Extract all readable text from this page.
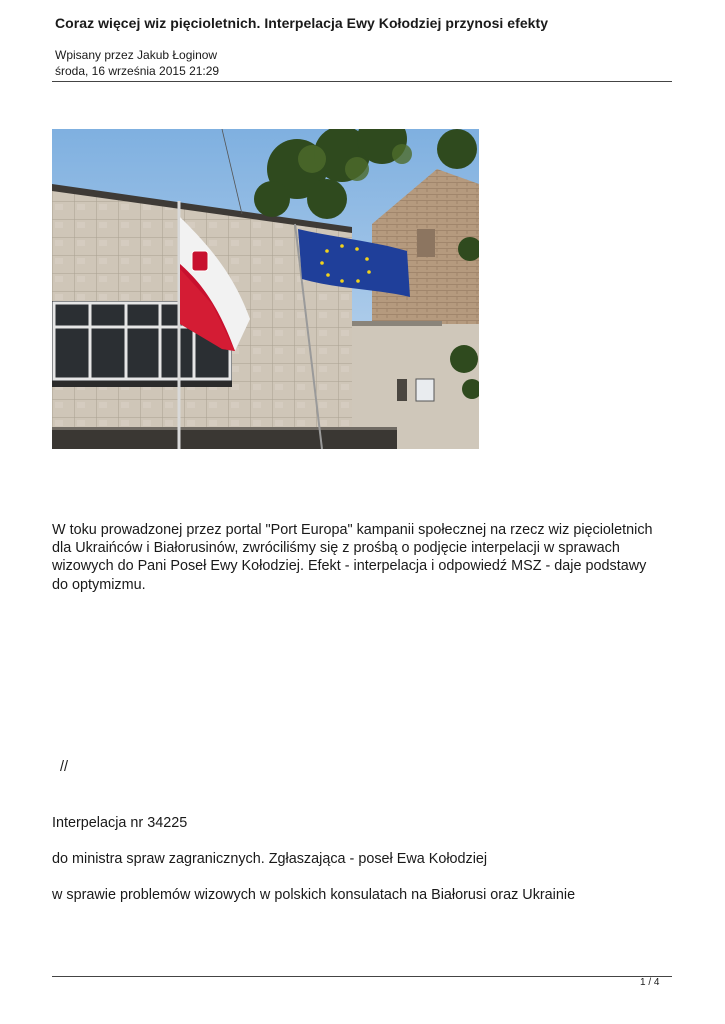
Coraz więcej wiz pięcioletnich. Interpelacja Ewy Kołodziej przynosi efekty
Wpisany przez Jakub Łoginow
środa, 16 września 2015 21:29
W toku prowadzonej przez portal "Port Europa" kampanii społecznej na rzecz wiz pięcioletnich
dla Ukraińców i Białorusinów, zwróciliśmy się z prośbą o podjęcie interpelacji w sprawach
wizowych do Pani Poseł Ewy Kołodziej. Efekt - interpelacja i odpowiedź MSZ - daje podstawy
do optymizmu.
//
Interpelacja nr 34225
do ministra spraw zagranicznych. Zgłaszająca - poseł Ewa Kołodziej
w sprawie problemów wizowych w polskich konsulatach na Białorusi oraz Ukrainie
1 / 4
